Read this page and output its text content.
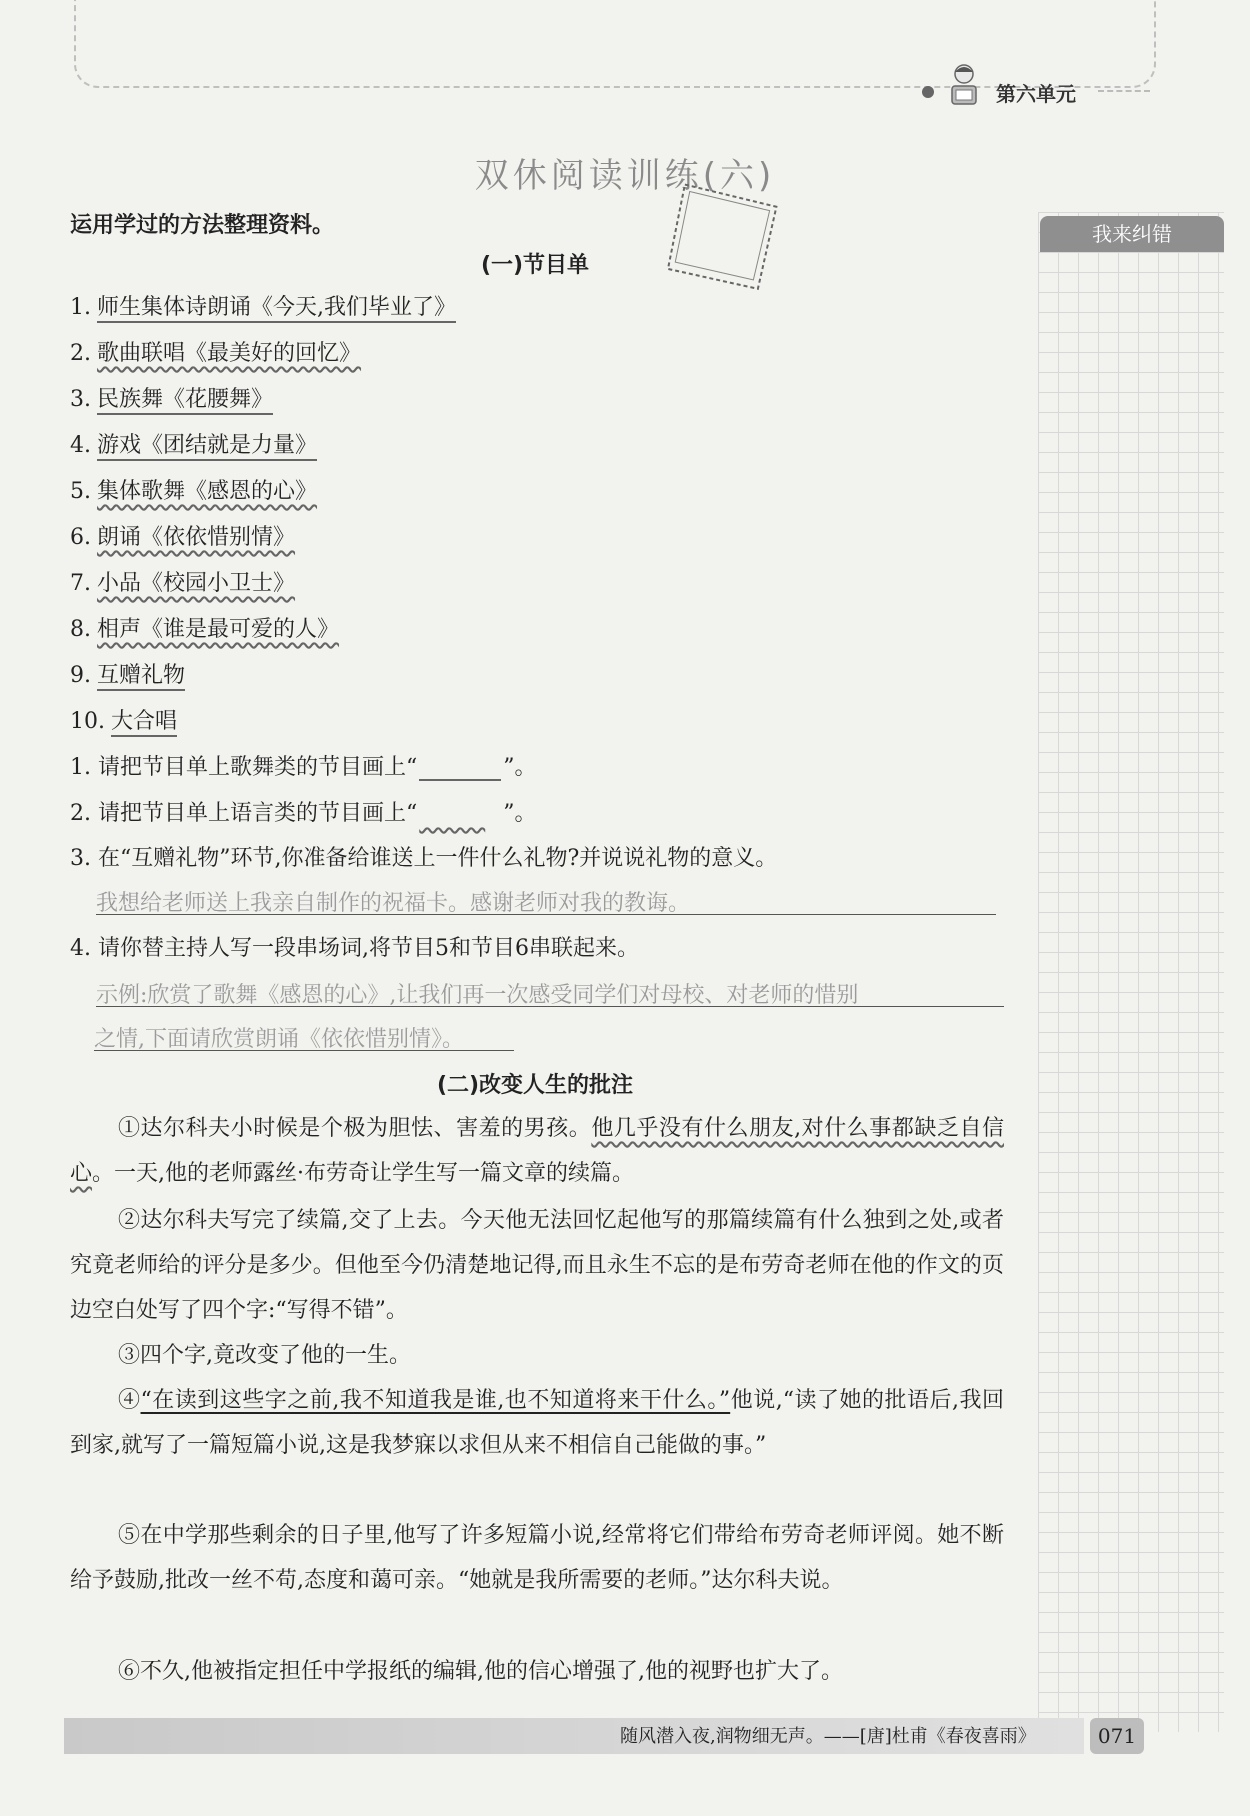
第六单元
双休阅读训练(六)
运用学过的方法整理资料。	我来纠错
(一)节目单
1. 师生集体诗朗诵《今天,我们毕业了》
2. 歌曲联唱《最美好的回忆》
3. 民族舞《花腰舞》
4. 游戏《团结就是力量》
5. 集体歌舞《感恩的心》
6. 朗诵《依依惜别情》
7. 小品《校园小卫士》
8. 相声《谁是最可爱的人》
9. 互赠礼物
10. 大合唱
1. 请把节目单上歌舞类的节目画上“	”。
2. 请把节目单上语言类的节目画上“      	”。
3. 在“互赠礼物”环节,你准备给谁送上一件什么礼物?并说说礼物的意义。
我想给老师送上我亲自制作的祝福卡。感谢老师对我的教诲。
4. 请你替主持人写一段串场词,将节目5和节目6串联起来。
示例:欣赏了歌舞《感恩的心》,让我们再一次感受同学们对母校、对老师的惜别
之情,下面请欣赏朗诵《依依惜别情》。
(二)改变人生的批注
①达尔科夫小时候是个极为胆怯、害羞的男孩。他几乎没有什么朋友,对什么事都缺乏自信心。一天,他的老师露丝·布劳奇让学生写一篇文章的续篇。
②达尔科夫写完了续篇,交了上去。今天他无法回忆起他写的那篇续篇有什么独到之处,或者究竟老师给的评分是多少。但他至今仍清楚地记得,而且永生不忘的是布劳奇老师在他的作文的页边空白处写了四个字:“写得不错”。
③四个字,竟改变了他的一生。
④“在读到这些字之前,我不知道我是谁,也不知道将来干什么。”他说,“读了她的批语后,我回到家,就写了一篇短篇小说,这是我梦寐以求但从来不相信自己能做的事。”
⑤在中学那些剩余的日子里,他写了许多短篇小说,经常将它们带给布劳奇老师评阅。她不断给予鼓励,批改一丝不苟,态度和蔼可亲。“她就是我所需要的老师。”达尔科夫说。
⑥不久,他被指定担任中学报纸的编辑,他的信心增强了,他的视野也扩大了。
随风潜入夜,润物细无声。——[唐]杜甫《春夜喜雨》	071
